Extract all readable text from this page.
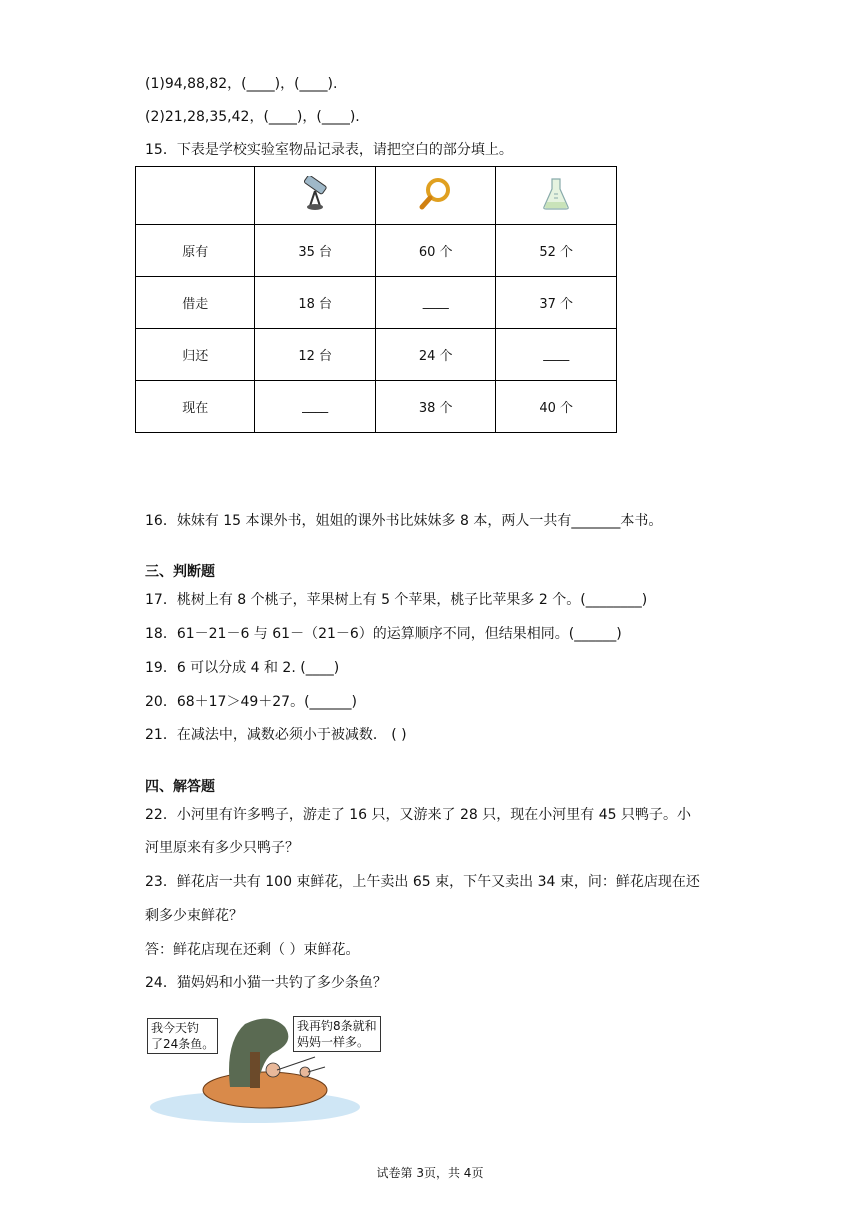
(1)94,88,82，(____)，(____).
(2)21,28,35,42，(____)，(____).
15．下表是学校实验室物品记录表，请把空白的部分填上。

原有	35 台	60 个	52 个
借走	18 台	____	37 个
归还	12 台	24 个	____
现在	____	38 个	40 个
16．妹妹有 15 本课外书，姐姐的课外书比妹妹多 8 本，两人一共有_______本书。
三、判断题
17．桃树上有 8 个桃子，苹果树上有 5 个苹果，桃子比苹果多 2 个。(________)
18．61－21－6 与 61－（21－6）的运算顺序不同，但结果相同。(______)
19．6 可以分成 4 和 2. (____)
20．68＋17＞49＋27。(______)
21．在减法中，减数必须小于被减数． ( )
四、解答题
22．小河里有许多鸭子，游走了 16 只，又游来了 28 只，现在小河里有 45 只鸭子。小
河里原来有多少只鸭子？
23．鲜花店一共有 100 束鲜花，上午卖出 65 束，下午又卖出 34 束，问：鲜花店现在还
剩多少束鲜花？
答：鲜花店现在还剩（ ）束鲜花。
24．猫妈妈和小猫一共钓了多少条鱼？
我今天钓
了24条鱼。
我再钓8条就和
妈妈一样多。
试卷第 3页，共 4页
